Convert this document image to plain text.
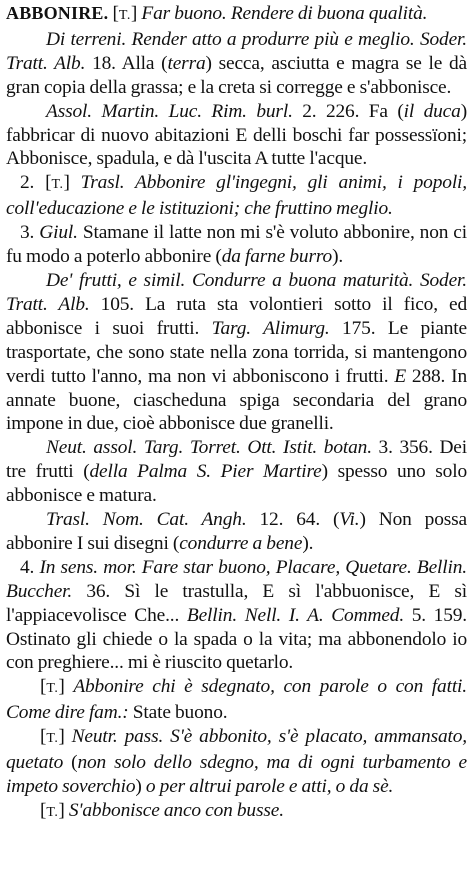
ABBONIRE. [T.] Far buono. Rendere di buona qualità.

Di terreni. Render atto a produrre più e meglio. Soder. Tratt. Alb. 18. Alla (terra) secca, asciutta e magra se le dà gran copia della grassa; e la creta si corregge e s'abbonisce.

Assol. Martin. Luc. Rim. burl. 2. 226. Fa (il duca) fabbricar di nuovo abitazioni E delli boschi far possessïoni; Abbonisce, spadula, e dà l'uscita A tutte l'acque.

2. [T.] Trasl. Abbonire gl'ingegni, gli animi, i popoli, coll'educazione e le istituzioni; che fruttino meglio.

3. Giul. Stamane il latte non mi s'è voluto abbonire, non ci fu modo a poterlo abbonire (da farne burro).

De' frutti, e simil. Condurre a buona maturità. Soder. Tratt. Alb. 105. La ruta sta volontieri sotto il fico, ed abbonisce i suoi frutti. Targ. Alimurg. 175. Le piante trasportate, che sono state nella zona torrida, si mantengono verdi tutto l'anno, ma non vi abboniscono i frutti. E 288. In annate buone, ciascheduna spiga secondaria del grano impone in due, cioè abbonisce due granelli.

Neut. assol. Targ. Torret. Ott. Istit. botan. 3. 356. Dei tre frutti (della Palma S. Pier Martire) spesso uno solo abbonisce e matura.

Trasl. Nom. Cat. Angh. 12. 64. (Vi.) Non possa abbonire I sui disegni (condurre a bene).

4. In sens. mor. Fare star buono, Placare, Quetare. Bellin. Buccher. 36. Sì le trastulla, E sì l'abbuonisce, E sì l'appiacevolisce Che... Bellin. Nell. I. A. Commed. 5. 159. Ostinato gli chiede o la spada o la vita; ma abbonendolo io con preghiere... mi è riuscito quetarlo.

[T.] Abbonire chi è sdegnato, con parole o con fatti. Come dire fam.: State buono.

[T.] Neutr. pass. S'è abbonito, s'è placato, ammansato, quetato (non solo dello sdegno, ma di ogni turbamento e impeto soverchio) o per altrui parole e atti, o da sè.

[T.] S'abbonisce anco con busse.
